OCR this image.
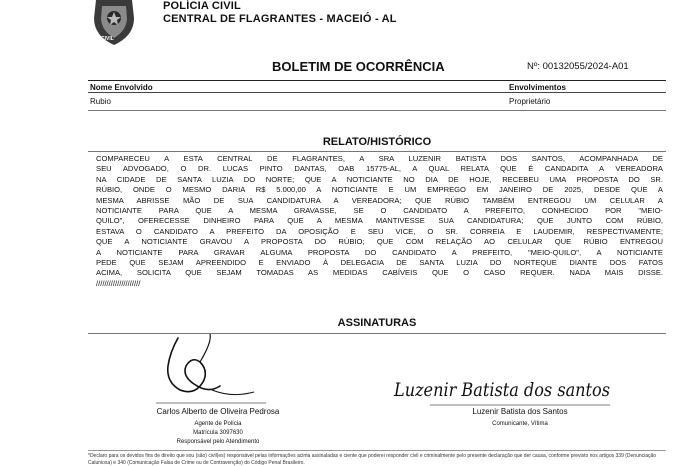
CIVIL
POLÍCIA CIVIL
CENTRAL DE FLAGRANTES - MACEIÓ - AL
BOLETIM DE OCORRÊNCIA	Nº: 00132055/2024-A01
Nome Envolvido	Envolvimentos
Rubio	Proprietário
RELATO/HISTÓRICO
COMPARECEU A ESTA CENTRAL DE FLAGRANTES, A SRA LUZENIR BATISTA DOS SANTOS, ACOMPANHADA DE
SEU ADVOGADO, O DR. LUCAS PINTO DANTAS, OAB 15775-AL, A QUAL RELATA QUE É CANDADITA A VEREADORA
NA CIDADE DE SANTA LUZIA DO NORTE; QUE A NOTICIANTE NO DIA DE HOJE, RECEBEU UMA PROPOSTA DO SR.
RÚBIO, ONDE O MESMO DARIA R$ 5.000,00 A NOTICIANTE E UM EMPREGO EM JANEIRO DE 2025, DESDE QUE A
MESMA ABRISSE MÃO DE SUA CANDIDATURA A VEREADORA; QUE RÚBIO TAMBÉM ENTREGOU UM CELULAR A
NOTICIANTE PARA QUE A MESMA GRAVASSE, SE O CANDIDATO A PREFEITO, CONHECIDO POR "MEIO-
QUILO", OFERECESSE DINHEIRO PARA QUE A MESMA MANTIVESSE SUA CANDIDATURA; QUE JUNTO COM RÚBIO,
ESTAVA O CANDIDATO A PREFEITO DA OPOSIÇÃO E SEU VICE, O SR. CORREIA E LAUDEMIR, RESPECTIVAMENTE;
QUE A NOTICIANTE GRAVOU A PROPOSTA DO RÚBIO; QUE COM RELAÇÃO AO CELULAR QUE RÚBIO ENTREGOU
A NOTICIANTE PARA GRAVAR ALGUMA PROPOSTA DO CANDIDATO A PREFEITO, "MEIO-QUILO", A NOTICIANTE
PEDE QUE SEJAM APREENDIDO E ENVIADO À DELEGACIA DE SANTA LUZIA DO NORTEQUE DIANTE DOS FATOS
ACIMA, SOLICITA QUE SEJAM TOMADAS AS MEDIDAS CABÍVEIS QUE O CASO REQUER. NADA MAIS DISSE.
/////////////////////
ASSINATURAS
Luzenir Batista dos santos
Carlos Alberto de Oliveira Pedrosa
Agente de Polícia
Matrícula 3097630
Responsável pelo Atendimento
Luzenir Batista dos Santos
Comunicante, Vítima
*Declaro para os devidos fins de direito que sou (são) civil(es) responsável pelas informações acima assinaladas e ciente que poderei responder civil e criminalmente pelo presente declaração que der causa, conforme previsto nos artigos 339 (Denunciação Caluniosa) e 340 (Comunicação Falsa de Crime ou de Contravenção) do Código Penal Brasileiro.
